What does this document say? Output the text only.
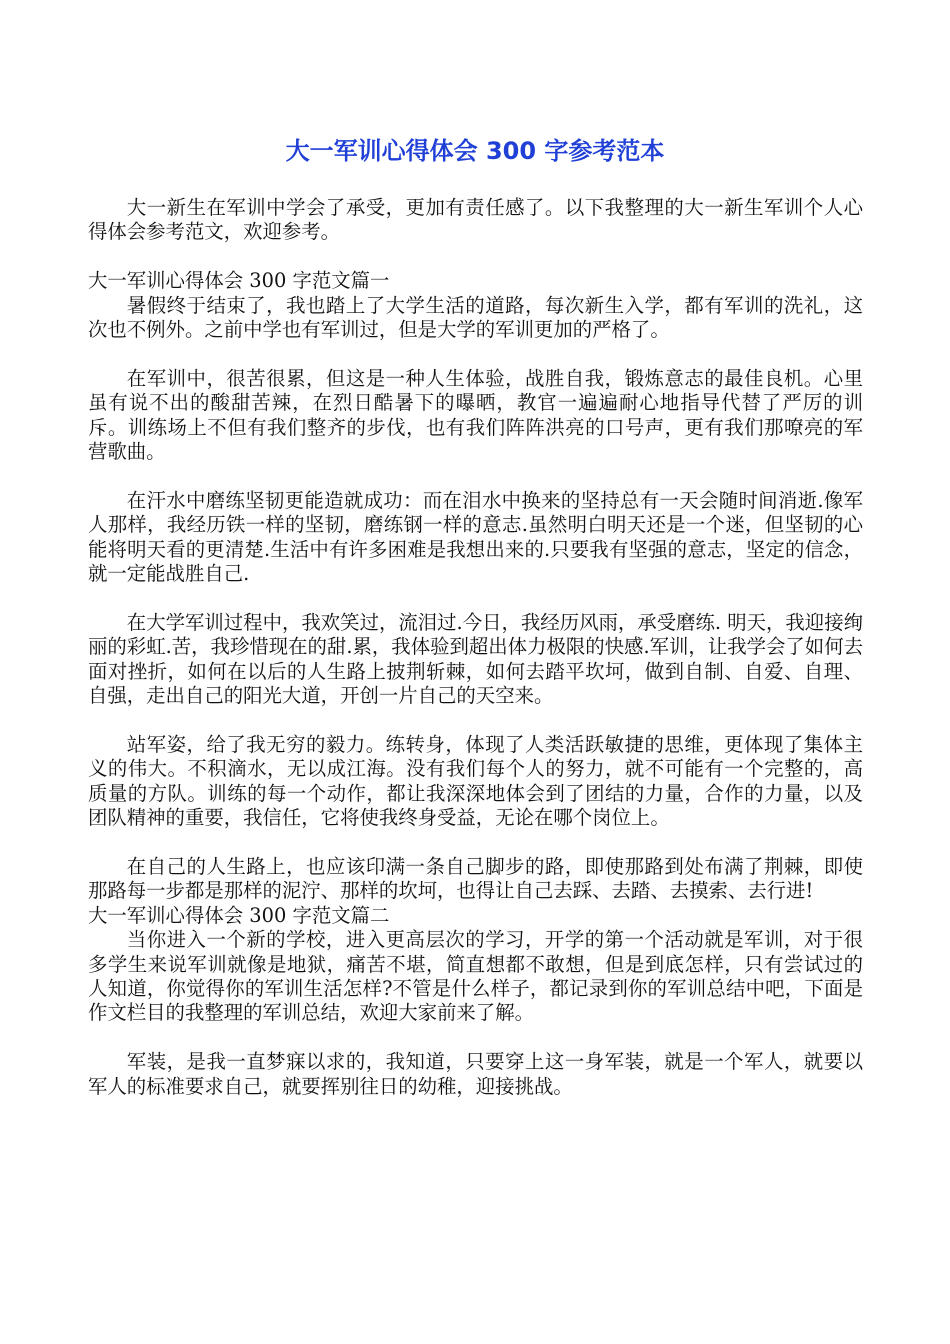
大一军训心得体会 300 字参考范本

大一新生在军训中学会了承受，更加有责任感了。以下我整理的大一新生军训个人心得体会参考范文，欢迎参考。

大一军训心得体会 300 字范文篇一

暑假终于结束了，我也踏上了大学生活的道路，每次新生入学，都有军训的洗礼，这次也不例外。之前中学也有军训过，但是大学的军训更加的严格了。

在军训中，很苦很累，但这是一种人生体验，战胜自我，锻炼意志的最佳良机。心里虽有说不出的酸甜苦辣，在烈日酷暑下的曝晒，教官一遍遍耐心地指导代替了严厉的训斥。训练场上不但有我们整齐的步伐，也有我们阵阵洪亮的口号声，更有我们那嘹亮的军营歌曲。

在汗水中磨练坚韧更能造就成功：而在泪水中换来的坚持总有一天会随时间消逝.像军人那样，我经历铁一样的坚韧，磨练钢一样的意志.虽然明白明天还是一个迷，但坚韧的心能将明天看的更清楚.生活中有许多困难是我想出来的.只要我有坚强的意志，坚定的信念，就一定能战胜自己.

在大学军训过程中，我欢笑过，流泪过.今日，我经历风雨，承受磨练. 明天，我迎接绚丽的彩虹.苦，我珍惜现在的甜.累，我体验到超出体力极限的快感.军训，让我学会了如何去面对挫折，如何在以后的人生路上披荆斩棘，如何去踏平坎坷，做到自制、自爱、自理、自强，走出自己的阳光大道，开创一片自己的天空来。

站军姿，给了我无穷的毅力。练转身，体现了人类活跃敏捷的思维，更体现了集体主义的伟大。不积滴水，无以成江海。没有我们每个人的努力，就不可能有一个完整的，高质量的方队。训练的每一个动作，都让我深深地体会到了团结的力量，合作的力量，以及团队精神的重要，我信任，它将使我终身受益，无论在哪个岗位上。

在自己的人生路上，也应该印满一条自己脚步的路，即使那路到处布满了荆棘，即使那路每一步都是那样的泥泞、那样的坎坷，也得让自己去踩、去踏、去摸索、去行进!

大一军训心得体会 300 字范文篇二

当你进入一个新的学校，进入更高层次的学习，开学的第一个活动就是军训，对于很多学生来说军训就像是地狱，痛苦不堪，简直想都不敢想，但是到底怎样，只有尝试过的人知道，你觉得你的军训生活怎样?不管是什么样子，都记录到你的军训总结中吧，下面是作文栏目的我整理的军训总结，欢迎大家前来了解。

军装，是我一直梦寐以求的，我知道，只要穿上这一身军装，就是一个军人，就要以军人的标准要求自己，就要挥别往日的幼稚，迎接挑战。
